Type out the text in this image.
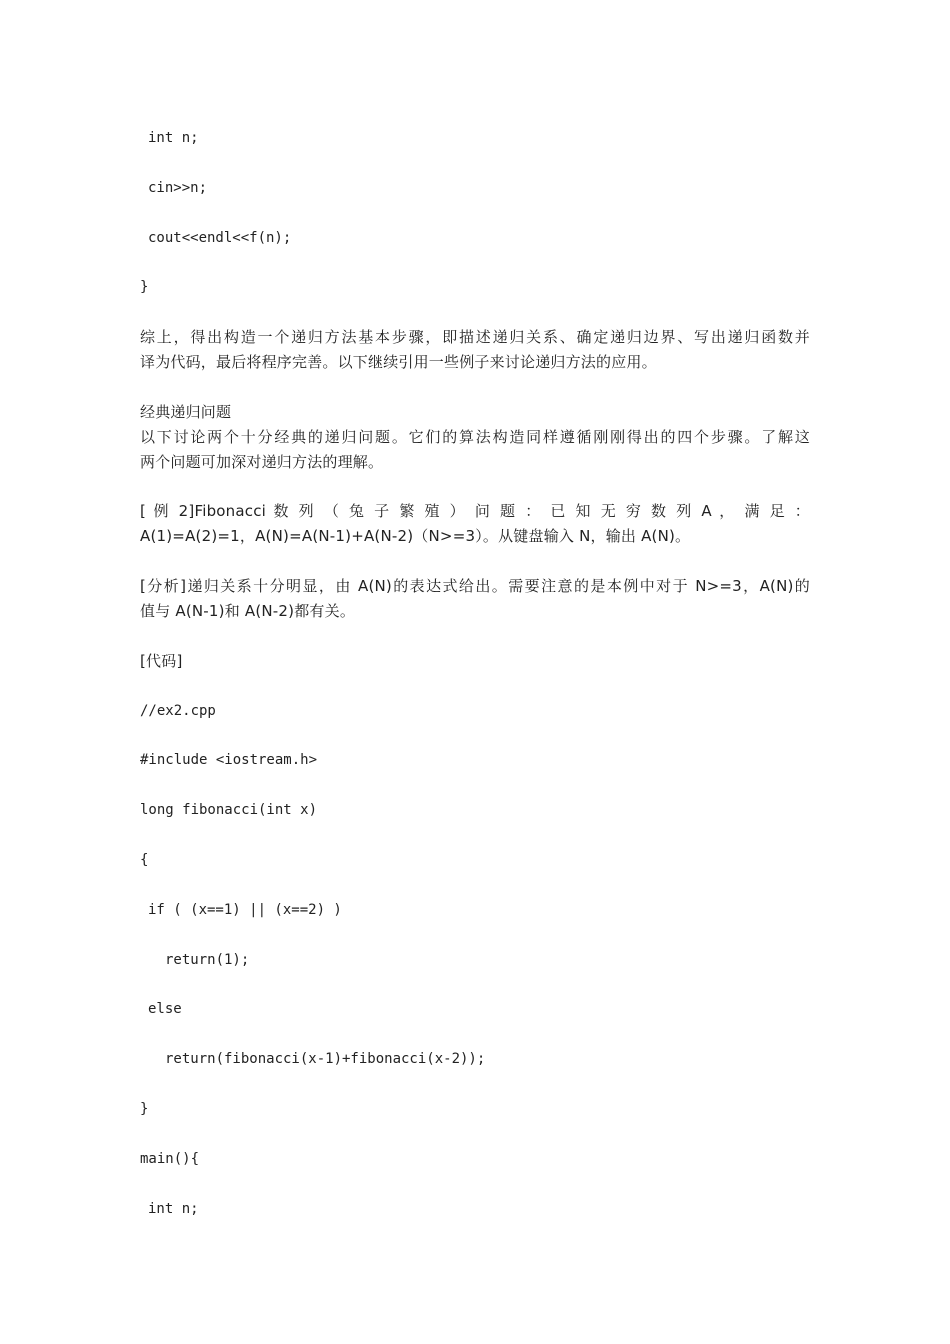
int n;
cin>>n;
cout<<endl<<f(n);
}
综上，得出构造一个递归方法基本步骤，即描述递归关系、确定递归边界、写出递归函数并
译为代码，最后将程序完善。以下继续引用一些例子来讨论递归方法的应用。
经典递归问题
以下讨论两个十分经典的递归问题。它们的算法构造同样遵循刚刚得出的四个步骤。了解这
两个问题可加深对递归方法的理解。
[ 例 2]Fibonacci 数 列 （ 兔 子 繁 殖 ） 问 题 ： 已 知 无 穷 数 列 A ， 满 足 ：
A(1)=A(2)=1，A(N)=A(N-1)+A(N-2)（N>=3）。从键盘输入 N，输出 A(N)。
[分析]递归关系十分明显，由 A(N)的表达式给出。需要注意的是本例中对于 N>=3，A(N)的
值与 A(N-1)和 A(N-2)都有关。
[代码]
//ex2.cpp
#include <iostream.h>
long fibonacci(int x)
{
if ( (x==1) || (x==2) )
return(1);
else
return(fibonacci(x-1)+fibonacci(x-2));
}
main(){
int n;
